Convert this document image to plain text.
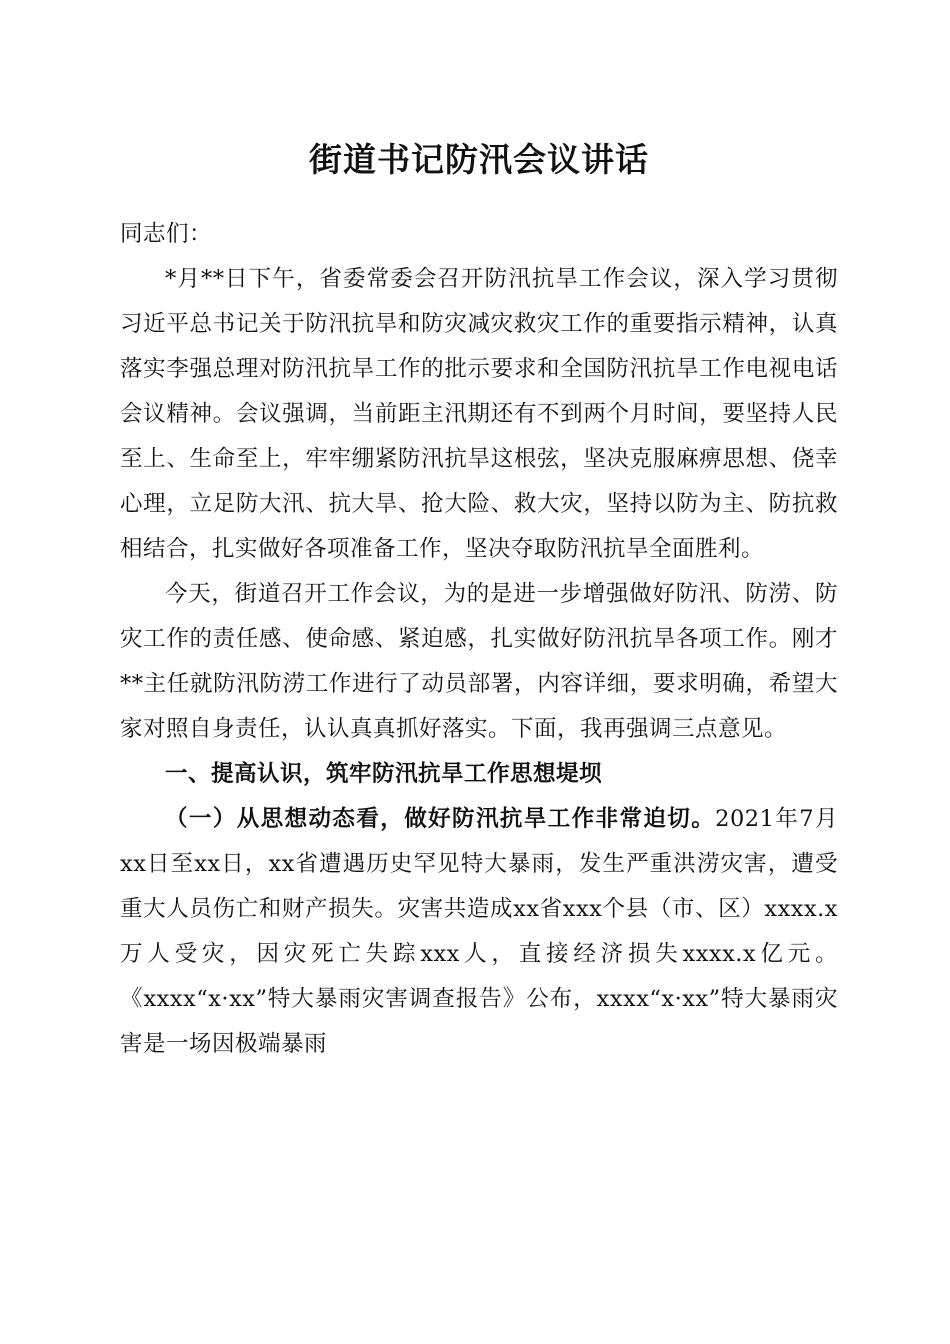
街道书记防汛会议讲话

同志们：

*月**日下午，省委常委会召开防汛抗旱工作会议，深入学习贯彻习近平总书记关于防汛抗旱和防灾减灾救灾工作的重要指示精神，认真落实李强总理对防汛抗旱工作的批示要求和全国防汛抗旱工作电视电话会议精神。会议强调，当前距主汛期还有不到两个月时间，要坚持人民至上、生命至上，牢牢绷紧防汛抗旱这根弦，坚决克服麻痹思想、侥幸心理，立足防大汛、抗大旱、抢大险、救大灾，坚持以防为主、防抗救相结合，扎实做好各项准备工作，坚决夺取防汛抗旱全面胜利。

今天，街道召开工作会议，为的是进一步增强做好防汛、防涝、防灾工作的责任感、使命感、紧迫感，扎实做好防汛抗旱各项工作。刚才**主任就防汛防涝工作进行了动员部署，内容详细，要求明确，希望大家对照自身责任，认认真真抓好落实。下面，我再强调三点意见。

一、提高认识，筑牢防汛抗旱工作思想堤坝

（一）从思想动态看，做好防汛抗旱工作非常迫切。2021年7月xx日至xx日，xx省遭遇历史罕见特大暴雨，发生严重洪涝灾害，遭受重大人员伤亡和财产损失。灾害共造成xx省xxx个县（市、区）xxxx.x万人受灾，因灾死亡失踪xxx人，直接经济损失xxxx.x亿元。《xxxx“x·xx”特大暴雨灾害调查报告》公布，xxxx“x·xx”特大暴雨灾害是一场因极端暴雨
